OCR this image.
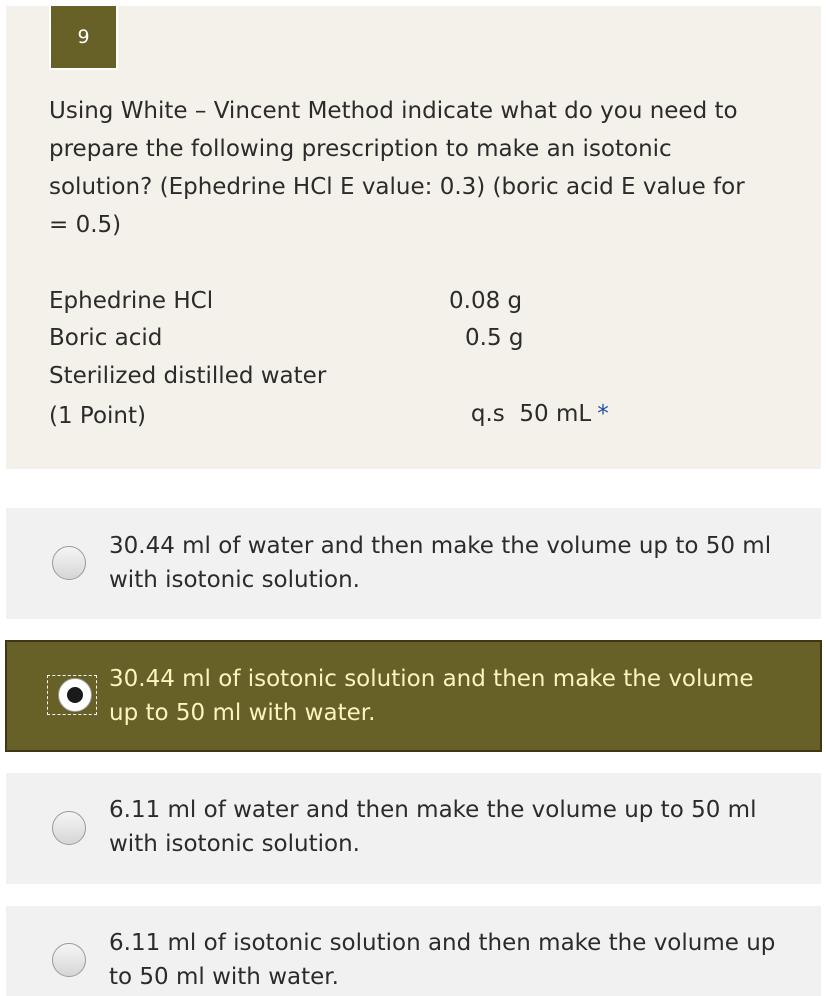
9
Using White – Vincent Method indicate what do you need to prepare the following prescription to make an isotonic solution? (Ephedrine HCl E value: 0.3) (boric acid E value for = 0.5)
Ephedrine HCl	0.08 g
Boric acid	0.5 g
Sterilized distilled water

q.s  50 mL *

(1 Point)
30.44 ml of water and then make the volume up to 50 ml with isotonic solution.
30.44 ml of isotonic solution and then make the volume up to 50 ml with water.
6.11 ml of water and then make the volume up to 50 ml with isotonic solution.
6.11 ml of isotonic solution and then make the volume up to 50 ml with water.
